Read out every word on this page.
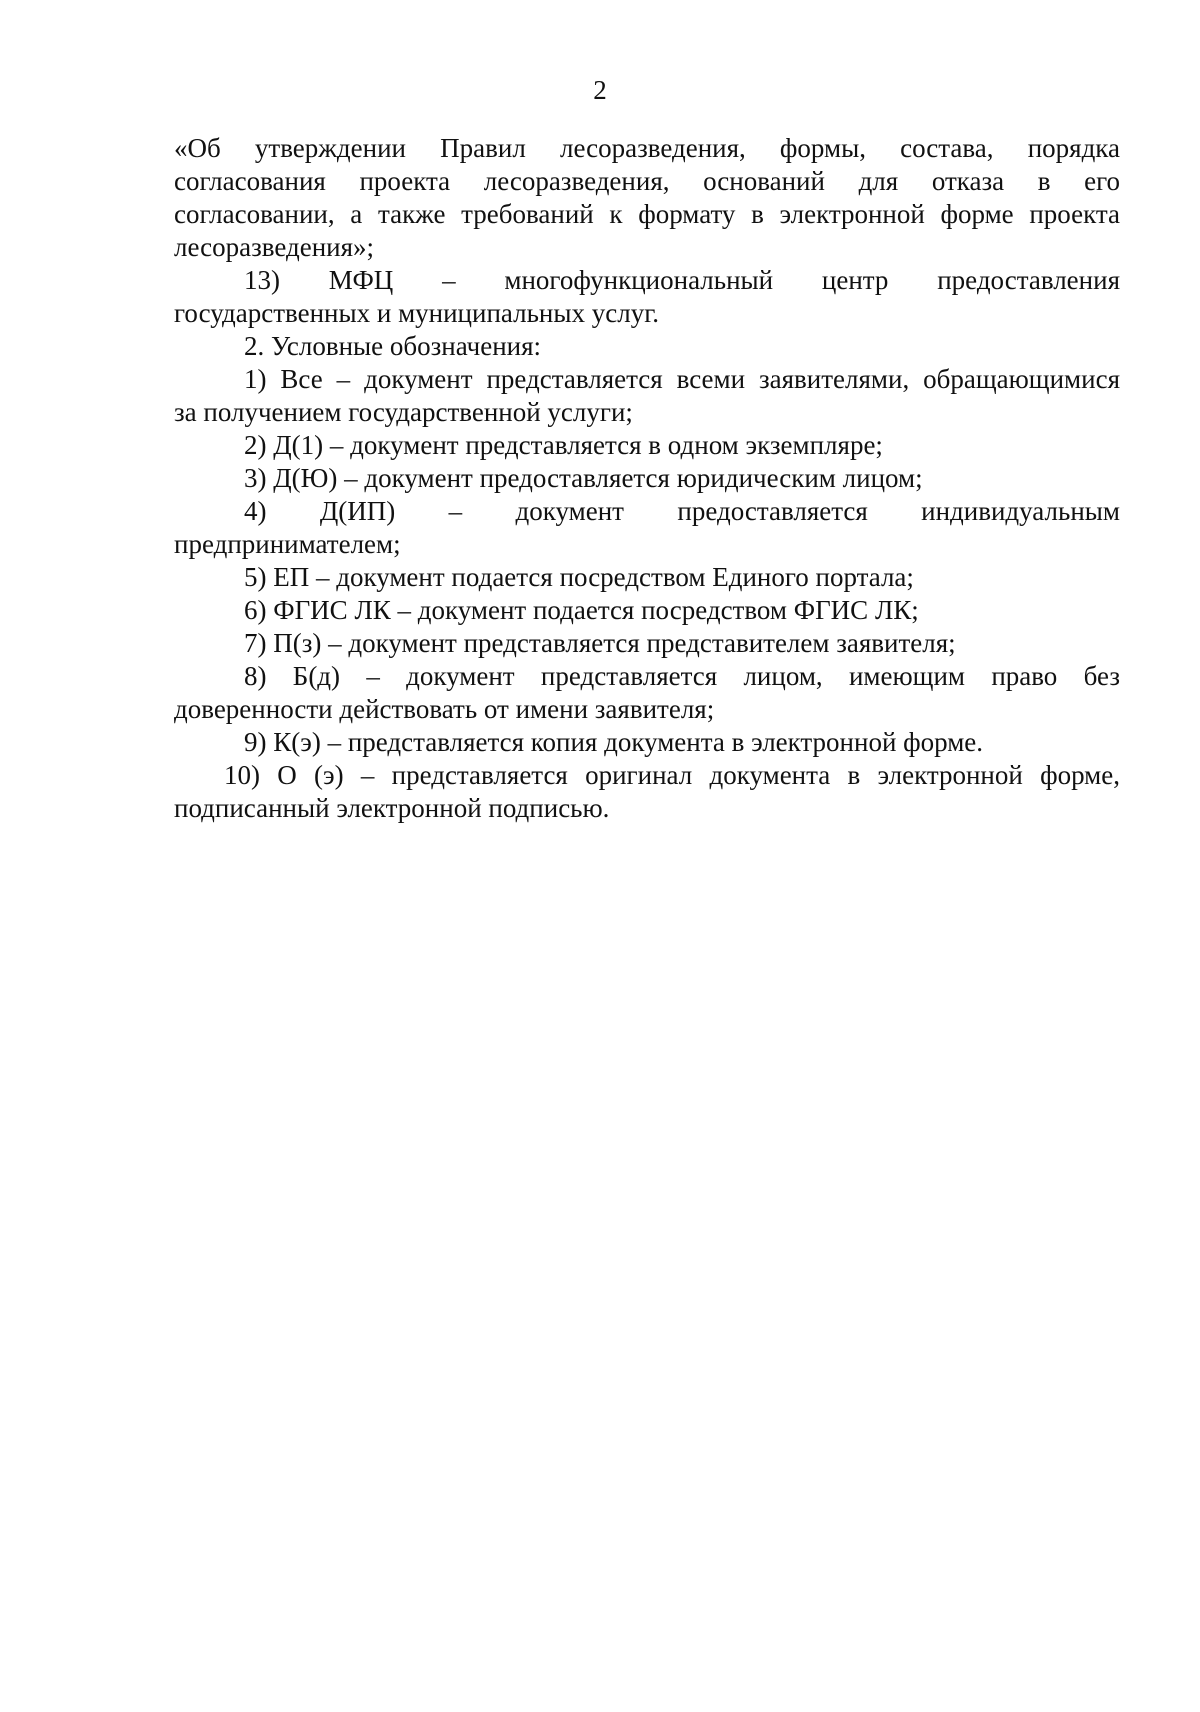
2
«Об утверждении Правил лесоразведения, формы, состава, порядка
согласования проекта лесоразведения, оснований для отказа в его
согласовании, а также требований к формату в электронной форме проекта
лесоразведения»;
13) МФЦ – многофункциональный центр предоставления
государственных и муниципальных услуг.
2. Условные обозначения:
1) Все – документ представляется всеми заявителями, обращающимися
за получением государственной услуги;
2) Д(1) – документ представляется в одном экземпляре;
3) Д(Ю) – документ предоставляется юридическим лицом;
4) Д(ИП) – документ предоставляется индивидуальным
предпринимателем;
5) ЕП – документ подается посредством Единого портала;
6) ФГИС ЛК – документ подается посредством ФГИС ЛК;
7) П(з) – документ представляется представителем заявителя;
8) Б(д) – документ представляется лицом, имеющим право без
доверенности действовать от имени заявителя;
9) К(э) – представляется копия документа в электронной форме.
10) О (э) – представляется оригинал документа в электронной форме,
подписанный электронной подписью.
